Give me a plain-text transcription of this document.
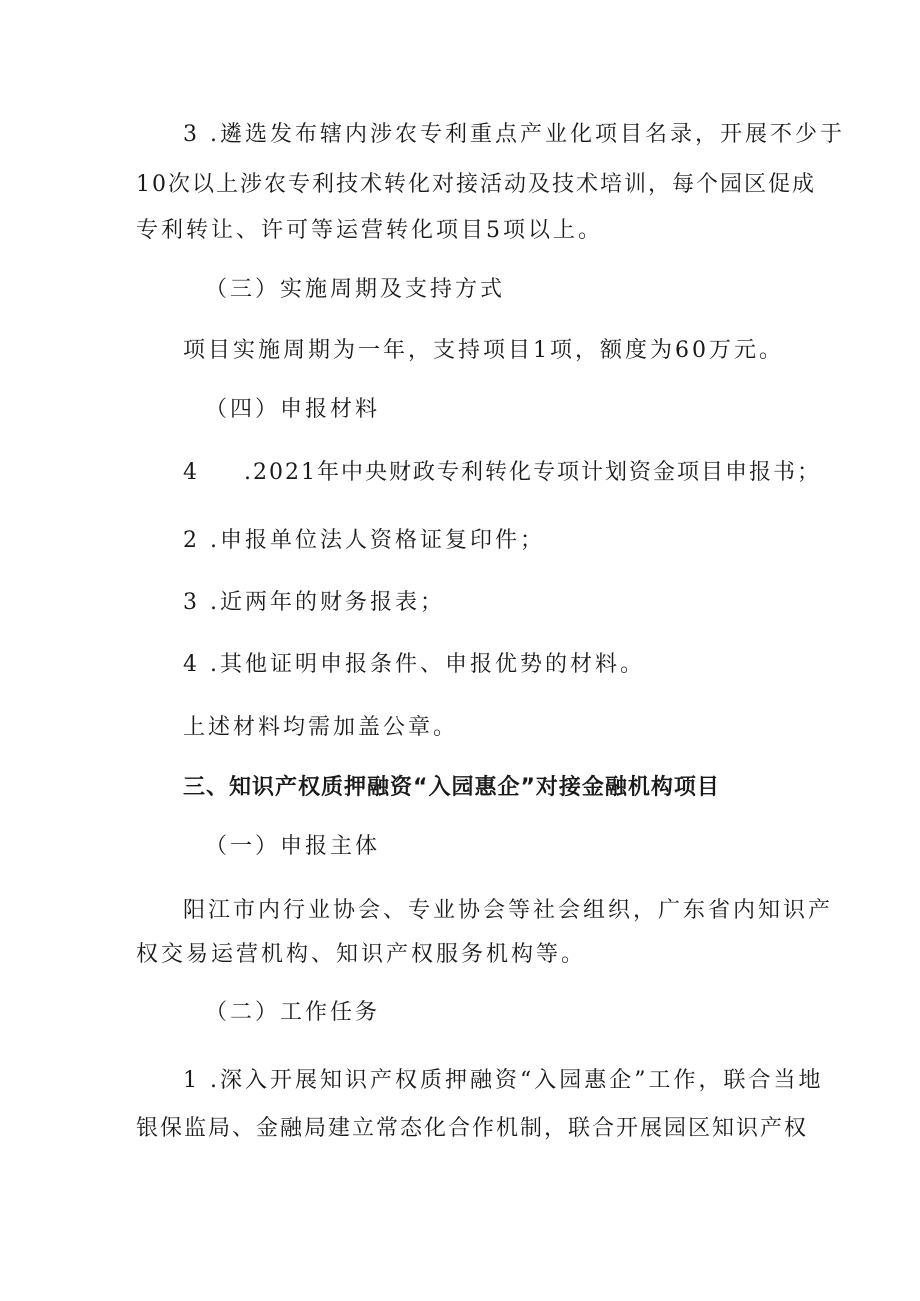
3 .遴选发布辖内涉农专利重点产业化项目名录，开展不少于

10次以上涉农专利技术转化对接活动及技术培训，每个园区促成

专利转让、许可等运营转化项目5项以上。

（三）实施周期及支持方式

项目实施周期为一年，支持项目1项，额度为60万元。

（四）申报材料

4     .2021年中央财政专利转化专项计划资金项目申报书；

2 .申报单位法人资格证复印件；

3 .近两年的财务报表；

4 .其他证明申报条件、申报优势的材料。

上述材料均需加盖公章。

三、知识产权质押融资“入园惠企”对接金融机构项目

（一）申报主体

阳江市内行业协会、专业协会等社会组织，广东省内知识产

权交易运营机构、知识产权服务机构等。

（二）工作任务

1 .深入开展知识产权质押融资“入园惠企”工作，联合当地

银保监局、金融局建立常态化合作机制，联合开展园区知识产权
